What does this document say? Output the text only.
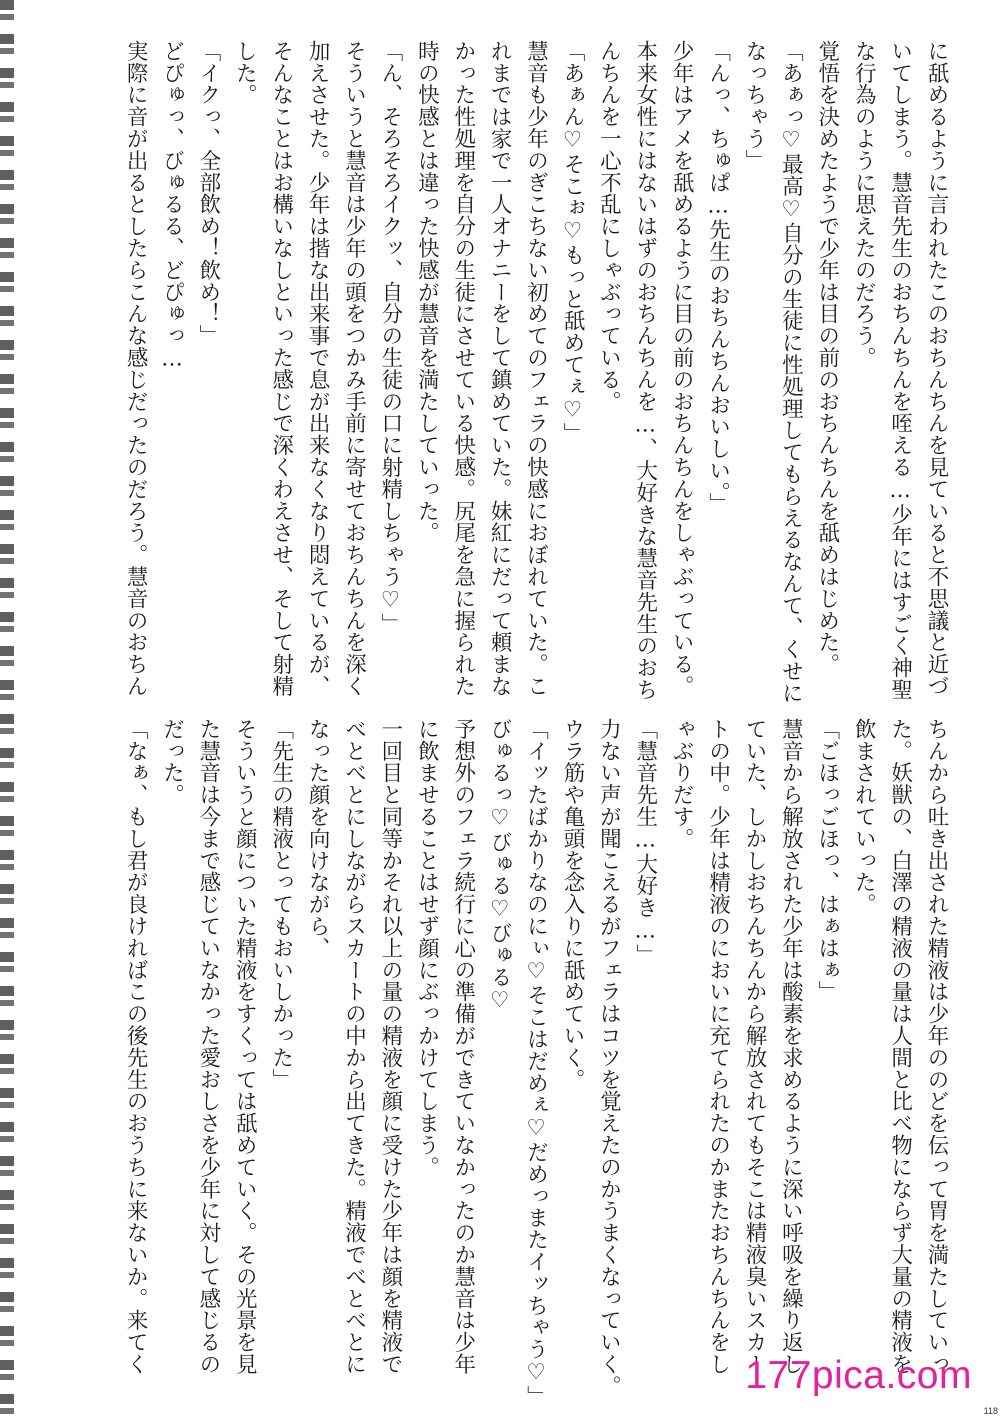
に舐めるように言われたこのおちんちんを見ていると不思議と近づ

いてしまう。慧音先生のおちんちんを咥える…少年にはすごく神聖

な行為のように思えたのだろう。

覚悟を決めたようで少年は目の前のおちんちんを舐めはじめた。

「あぁっ♡最高♡自分の生徒に性処理してもらえるなんて、くせに

なっちゃう」

「んっ、ちゅぱ…先生のおちんちんおいしい。」

少年はアメを舐めるように目の前のおちんちんをしゃぶっている。

本来女性にはないはずのおちんちんを…、大好きな慧音先生のおち

んちんを一心不乱にしゃぶっている。

「あぁん♡そこぉ♡もっと舐めてぇ♡」

慧音も少年のぎこちない初めてのフェラの快感におぼれていた。こ

れまでは家で一人オナニーをして鎮めていた。妹紅にだって頼まな

かった性処理を自分の生徒にさせている快感。尻尾を急に握られた

時の快感とは違った快感が慧音を満たしていった。

「ん、そろそろイクッ、自分の生徒の口に射精しちゃう♡」

そういうと慧音は少年の頭をつかみ手前に寄せておちんちんを深く

加えさせた。少年は揩な出来事で息が出来なくなり悶えているが、

そんなことはお構いなしといった感じで深くわえさせ、そして射精

した。

「イクっ、全部飲め！飲め！」

どぴゅっ、びゅるる、どぴゅっ…

実際に音が出るとしたらこんな感じだったのだろう。慧音のおちん

ちんから吐き出された精液は少年ののどを伝って胃を満たしていっ

た。妖獣の、白澤の精液の量は人間と比べ物にならず大量の精液を

飲まされていった。

「ごほっごほっ、はぁはぁ」

慧音から解放された少年は酸素を求めるように深い呼吸を繰り返し

ていた、しかしおちんちんから解放されてもそこは精液臭いスカー

トの中。少年は精液のにおいに充てられたのかまたおちんちんをし

ゃぶりだす。

「慧音先生…大好き…」

力ない声が聞こえるがフェラはコツを覚えたのかうまくなっていく。

ウラ筋や亀頭を念入りに舐めていく。

「イッたばかりなのにぃ♡そこはだめぇ♡だめっまたイッちゃう♡」

びゅるっ♡びゅる♡びゅる♡

予想外のフェラ続行に心の準備ができていなかったのか慧音は少年

に飲ませることはせず顔にぶっかけてしまう。

一回目と同等かそれ以上の量の精液を顔に受けた少年は顔を精液で

べとべとにしながらスカートの中から出てきた。精液でべとべとに

なった顔を向けながら、

「先生の精液とってもおいしかった」

そういうと顔についた精液をすくっては舐めていく。その光景を見

た慧音は今まで感じていなかった愛おしさを少年に対して感じるの

だった。

「なぁ、もし君が良ければこの後先生のおうちに来ないか。来てく

177pica.com
118
